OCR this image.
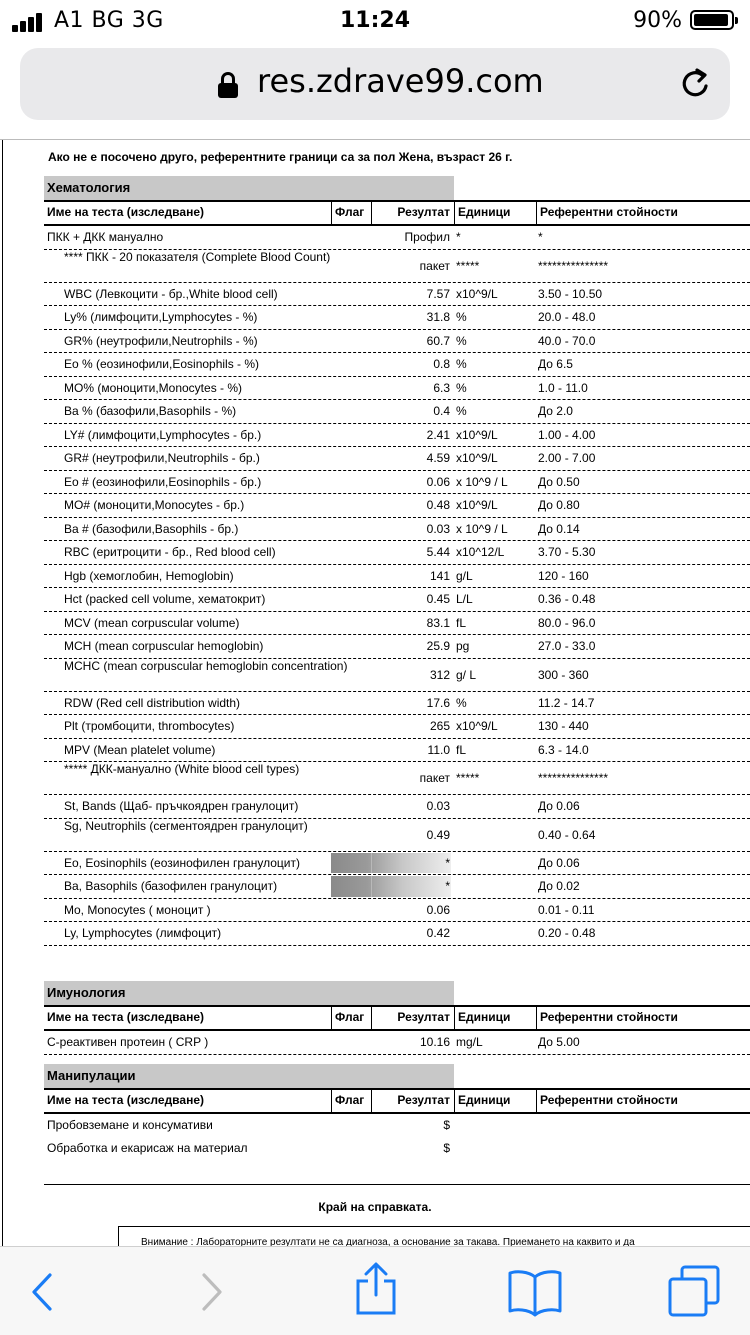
A1 BG 3G	11:24	90%
res.zdrave99.com
Ако не е посочено друго, референтните граници са за пол Жена, възраст 26 г.
Хематология
Име на теста (изследване)	Флаг	Резултат Единици	Референтни стойности
ПКК + ДКК мануално	Профил *	*
**** ПКК - 20 показателя (Complete Blood Count)
пакет *****	***************
WBC (Левкоцити - бр.,White blood cell)	7.57 x10^9/L	3.50 - 10.50
Ly% (лимфоцити,Lymphocytes - %)	31.8 %	20.0 - 48.0
GR% (неутрофили,Neutrophils - %)	60.7 %	40.0 - 70.0
Eo % (еозинофили,Eosinophils - %)	0.8 %	До 6.5
MO% (моноцити,Monocytes - %)	6.3 %	1.0 - 11.0
Ba % (базофили,Basophils - %)	0.4 %	До 2.0
LY# (лимфоцити,Lymphocytes - бр.)	2.41 x10^9/L	1.00 - 4.00
GR# (неутрофили,Neutrophils - бр.)	4.59 x10^9/L	2.00 - 7.00
Eo # (еозинофили,Eosinophils - бр.)	0.06 x 10^9 / L	До 0.50
MO# (моноцити,Monocytes - бр.)	0.48 x10^9/L	До 0.80
Ba # (базофили,Basophils - бр.)	0.03 x 10^9 / L	До 0.14
RBC (еритроцити - бр., Red blood cell)	5.44 x10^12/L	3.70 - 5.30
Hgb (хемоглобин, Hemoglobin)	141 g/L	120 - 160
Hct (packed cell volume, хематокрит)	0.45 L/L	0.36 - 0.48
MCV (mean corpuscular volume)	83.1 fL	80.0 - 96.0
MCH (mean corpuscular hemoglobin)	25.9 pg	27.0 - 33.0
MCHC (mean corpuscular hemoglobin concentration)
312 g/ L	300 - 360
RDW (Red cell distribution width)	17.6 %	11.2 - 14.7
Plt (тромбоцити, thrombocytes)	265 x10^9/L	130 - 440
MPV (Mean platelet volume)	11.0 fL	6.3 - 14.0
***** ДКК-мануално (White blood cell types)
пакет *****	***************
St, Bands (Щаб- пръчкоядрен гранулоцит)	0.03	До 0.06
Sg, Neutrophils (сегментоядрен гранулоцит)
0.49	0.40 - 0.64
Eo, Eosinophils (еозинофилен гранулоцит)	*	До 0.06
Ba, Basophils (базофилен гранулоцит)	*	До 0.02
Mo, Monocytes ( моноцит )	0.06	0.01 - 0.11
Ly, Lymphocytes (лимфоцит)	0.42	0.20 - 0.48
Имунология
Име на теста (изследване)	Флаг	Резултат Единици	Референтни стойности
С-реактивен протеин ( CRP )	10.16 mg/L	До 5.00
Манипулации
Име на теста (изследване)	Флаг	Резултат Единици	Референтни стойности
Пробовземане и консумативи	$
Обработка и екарисаж на материал	$
Край на справката.
Внимание : Лабораторните резултати не са диагноза, а основание за такава. Приемането на каквито и да
